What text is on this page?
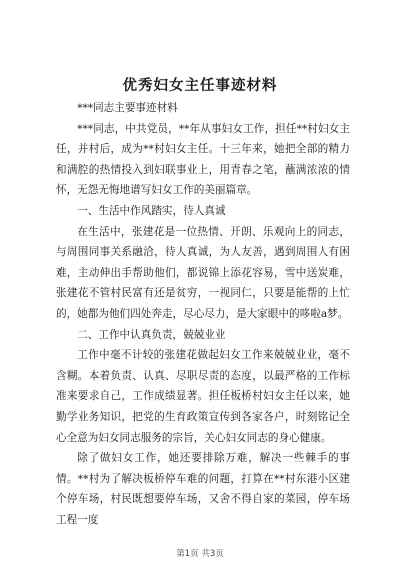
优秀妇女主任事迹材料

***同志主要事迹材料

***同志，中共党员，**年从事妇女工作，担任**村妇女主任，并村后，成为**村妇女主任。十三年来，她把全部的精力和满腔的热情投入到妇联事业上，用青春之笔，蘸满浓浓的情怀，无怨无悔地谱写妇女工作的美丽篇章。

一、生活中作风踏实，待人真诚

在生活中，张建花是一位热情、开朗、乐观向上的同志，与周围同事关系融洽，待人真诚，为人友善，遇到周围人有困难，主动伸出手帮助他们，都说锦上添花容易，雪中送炭难，张建花不管村民富有还是贫穷，一视同仁，只要是能帮的上忙的，她都为他们四处奔走，尽心尽力，是大家眼中的哆啦a梦。

二、工作中认真负责，兢兢业业

工作中毫不计较的张建花做起妇女工作来兢兢业业，毫不含糊。本着负责、认真、尽职尽责的态度，以最严格的工作标准来要求自己，工作成绩显著。担任板桥村妇女主任以来，她勤学业务知识，把党的生育政策宣传到各家各户，时刻铭记全心全意为妇女同志服务的宗旨，关心妇女同志的身心健康。

除了做妇女工作，她还要排除万难，解决一些棘手的事情。**村为了解决板桥停车难的问题，打算在**村东港小区建个停车场，村民既想要停车场，又舍不得自家的菜园，停车场工程一度

第1页 共3页
